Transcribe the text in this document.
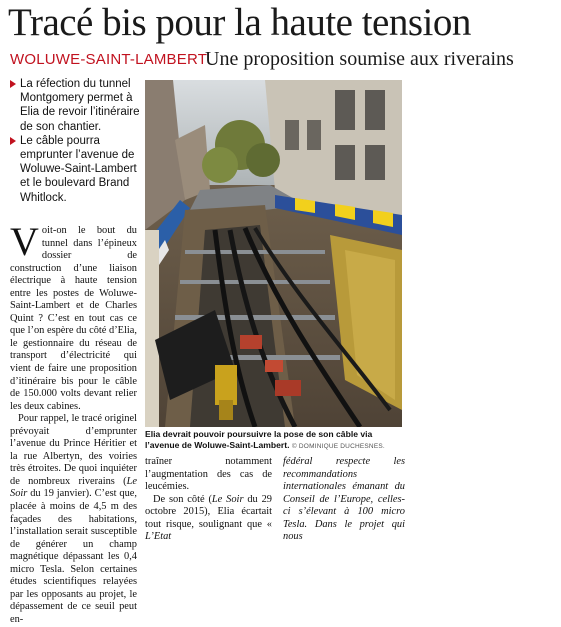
Tracé bis pour la haute tension
WOLUWE-SAINT-LAMBERT
Une proposition soumise aux riverains
La réfection du tunnel Montgomery permet à Elia de revoir l’itinéraire de son chantier.
Le câble pourra emprunter l’avenue de Woluwe-Saint-Lambert et le boulevard Brand Whitlock.

Voit-on le bout du tunnel dans l’épineux dossier de construction d’une liaison électrique à haute tension entre les postes de Woluwe-Saint-Lambert et de Charles Quint ? C’est en tout cas ce que l’on espère du côté d’Elia, le gestionnaire du réseau de transport d’électricité qui vient de faire une proposition d’itinéraire bis pour le câble de 150.000 volts devant relier les deux cabines.

Pour rappel, le tracé originel prévoyait d’emprunter l’avenue du Prince Héritier et la rue Albertyn, des voiries très étroites. De quoi inquiéter de nombreux riverains (Le Soir du 19 janvier). C’est que, placée à moins de 4,5 m des façades des habitations, l’installation serait susceptible de générer un champ magnétique dépassant les 0,4 micro Tesla. Selon certaines études scientifiques relayées par les opposants au projet, le dépassement de ce seuil peut en-

Elia devrait pouvoir poursuivre la pose de son câble via l’avenue de Woluwe-Saint-Lambert. © DOMINIQUE DUCHESNES.

traîner notamment l’augmentation des cas de leucémies.

De son côté (Le Soir du 29 octobre 2015), Elia écartait tout risque, soulignant que « L’Etat

fédéral respecte les recommandations internationales émanant du Conseil de l’Europe, celles-ci s’élevant à 100 micro Tesla. Dans le projet qui nous
